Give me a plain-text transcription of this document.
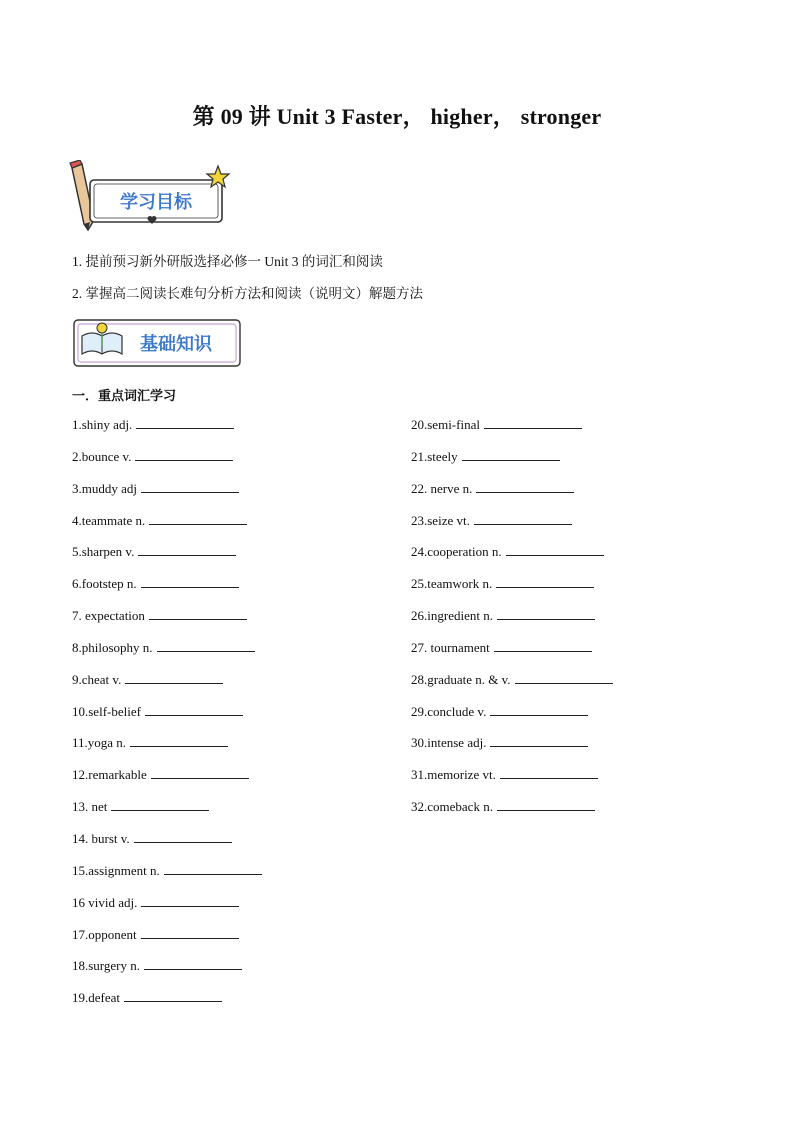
第 09 讲 Unit 3 Faster， higher， stronger
学习目标
1. 提前预习新外研版选择必修一 Unit 3 的词汇和阅读
2. 掌握高二阅读长难句分析方法和阅读（说明文）解题方法
基础知识
一．重点词汇学习
1.shiny adj.
2.bounce v.
3.muddy adj
4.teammate n.
5.sharpen v.
6.footstep n.
7. expectation
8.philosophy n.
9.cheat v.
10.self-belief
11.yoga n.
12.remarkable
13. net
14. burst v.
15.assignment n.
16 vivid adj.
17.opponent
18.surgery n.
19.defeat
20.semi-final
21.steely
22. nerve n.
23.seize vt.
24.cooperation n.
25.teamwork n.
26.ingredient n.
27. tournament
28.graduate n. & v.
29.conclude v.
30.intense adj.
31.memorize vt.
32.comeback n.
